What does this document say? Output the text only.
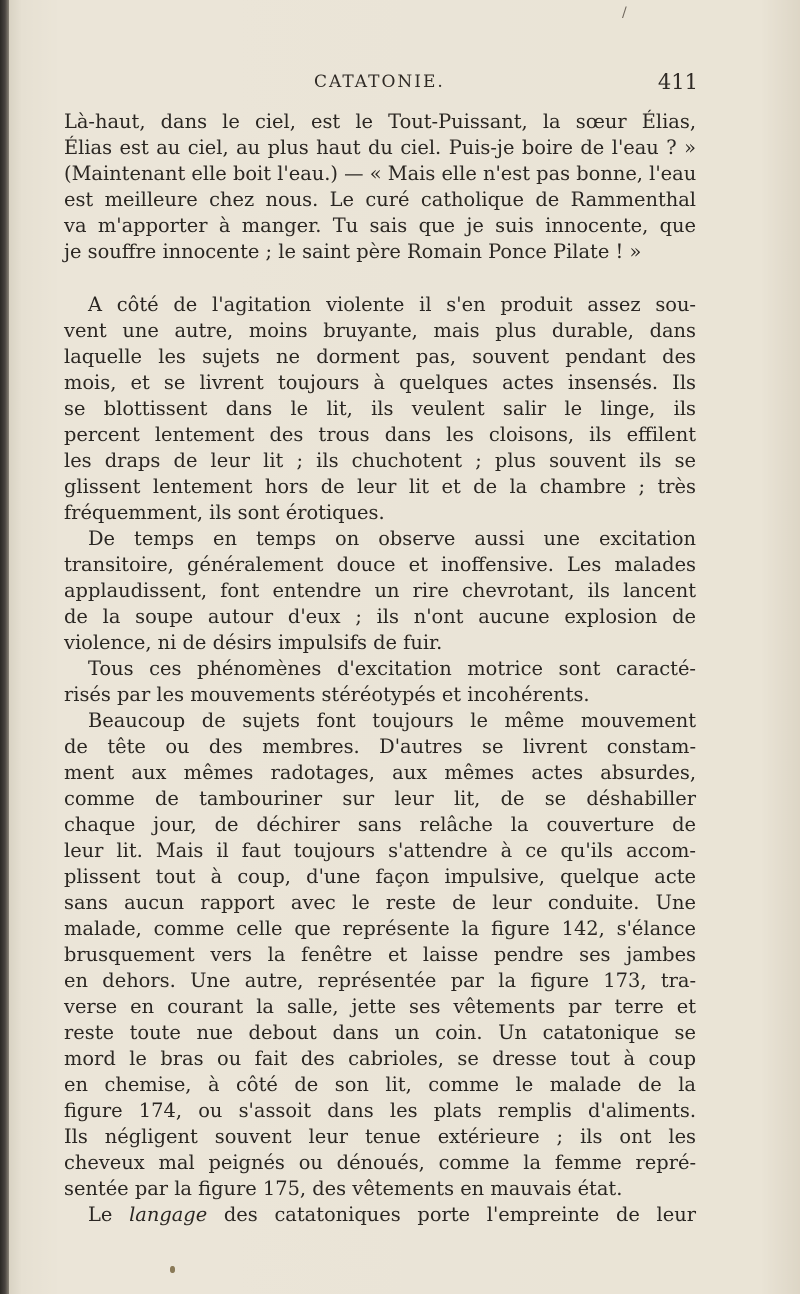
/
CATATONIE.	411
Là-haut, dans le ciel, est le Tout-Puissant, la sœur Élias,
Élias est au ciel, au plus haut du ciel. Puis-je boire de l'eau ? »
(Maintenant elle boit l'eau.) — « Mais elle n'est pas bonne, l'eau
est meilleure chez nous. Le curé catholique de Rammenthal
va m'apporter à manger. Tu sais que je suis innocente, que
je souffre innocente ; le saint père Romain Ponce Pilate ! »
A côté de l'agitation violente il s'en produit assez sou-
vent une autre, moins bruyante, mais plus durable, dans
laquelle les sujets ne dorment pas, souvent pendant des
mois, et se livrent toujours à quelques actes insensés. Ils
se blottissent dans le lit, ils veulent salir le linge, ils
percent lentement des trous dans les cloisons, ils effilent
les draps de leur lit ; ils chuchotent ; plus souvent ils se
glissent lentement hors de leur lit et de la chambre ; très
fréquemment, ils sont érotiques.
De temps en temps on observe aussi une excitation
transitoire, généralement douce et inoffensive. Les malades
applaudissent, font entendre un rire chevrotant, ils lancent
de la soupe autour d'eux ; ils n'ont aucune explosion de
violence, ni de désirs impulsifs de fuir.
Tous ces phénomènes d'excitation motrice sont caracté-
risés par les mouvements stéréotypés et incohérents.
Beaucoup de sujets font toujours le même mouvement
de tête ou des membres. D'autres se livrent constam-
ment aux mêmes radotages, aux mêmes actes absurdes,
comme de tambouriner sur leur lit, de se déshabiller
chaque jour, de déchirer sans relâche la couverture de
leur lit. Mais il faut toujours s'attendre à ce qu'ils accom-
plissent tout à coup, d'une façon impulsive, quelque acte
sans aucun rapport avec le reste de leur conduite. Une
malade, comme celle que représente la figure 142, s'élance
brusquement vers la fenêtre et laisse pendre ses jambes
en dehors. Une autre, représentée par la figure 173, tra-
verse en courant la salle, jette ses vêtements par terre et
reste toute nue debout dans un coin. Un catatonique se
mord le bras ou fait des cabrioles, se dresse tout à coup
en chemise, à côté de son lit, comme le malade de la
figure 174, ou s'assoit dans les plats remplis d'aliments.
Ils négligent souvent leur tenue extérieure ; ils ont les
cheveux mal peignés ou dénoués, comme la femme repré-
sentée par la figure 175, des vêtements en mauvais état.
Le langage des catatoniques porte l'empreinte de leur
